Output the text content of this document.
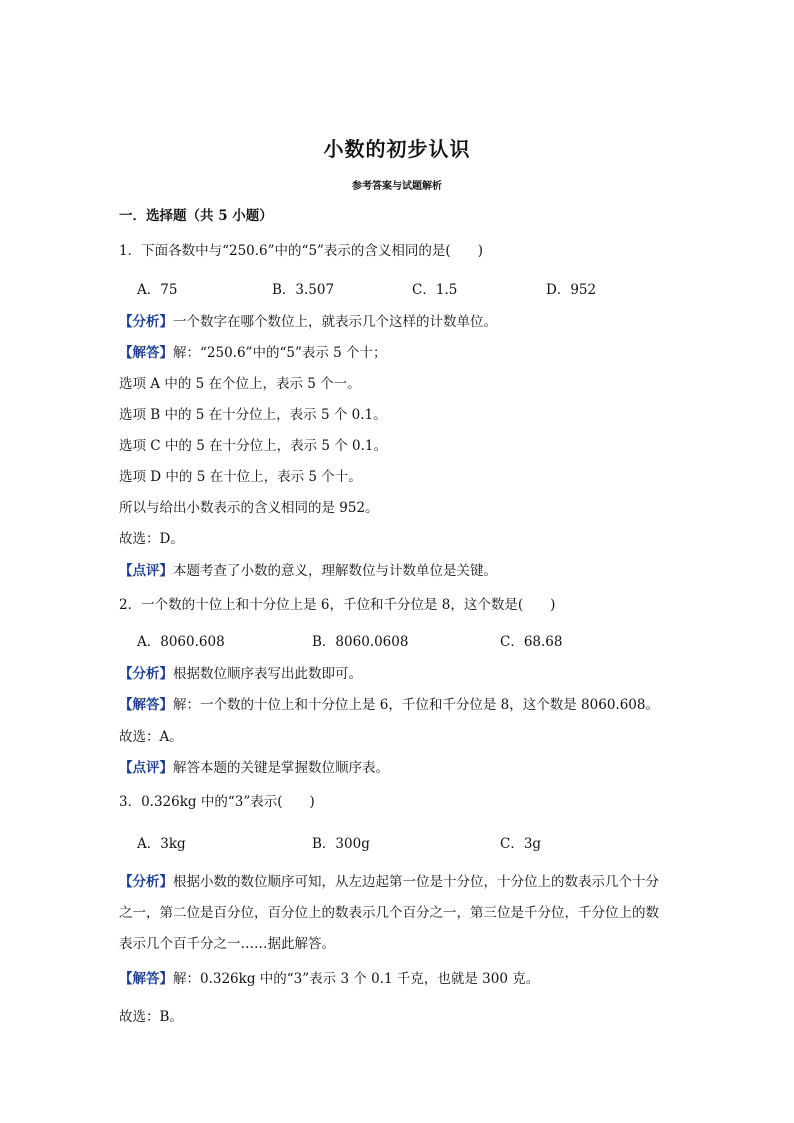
小数的初步认识
参考答案与试题解析
一．选择题（共 5 小题）
1．下面各数中与“250.6”中的“5”表示的含义相同的是(　　)
A．75	B．3.507	C．1.5	D．952
【分析】一个数字在哪个数位上，就表示几个这样的计数单位。
【解答】解：“250.6”中的“5”表示 5 个十；
选项 A 中的 5 在个位上，表示 5 个一。
选项 B 中的 5 在十分位上，表示 5 个 0.1。
选项 C 中的 5 在十分位上，表示 5 个 0.1。
选项 D 中的 5 在十位上，表示 5 个十。
所以与给出小数表示的含义相同的是 952。
故选：D。
【点评】本题考查了小数的意义，理解数位与计数单位是关键。
2．一个数的十位上和十分位上是 6，千位和千分位是 8，这个数是(　　)
A．8060.608	B．8060.0608	C．68.68
【分析】根据数位顺序表写出此数即可。
【解答】解：一个数的十位上和十分位上是 6，千位和千分位是 8，这个数是 8060.608。
故选：A。
【点评】解答本题的关键是掌握数位顺序表。
3．0.326kg 中的“3”表示(　　)
A．3kg	B．300g	C．3g
【分析】根据小数的数位顺序可知，从左边起第一位是十分位，十分位上的数表示几个十分
之一，第二位是百分位，百分位上的数表示几个百分之一，第三位是千分位，千分位上的数
表示几个百千分之一……据此解答。
【解答】解：0.326kg 中的“3”表示 3 个 0.1 千克，也就是 300 克。
故选：B。
